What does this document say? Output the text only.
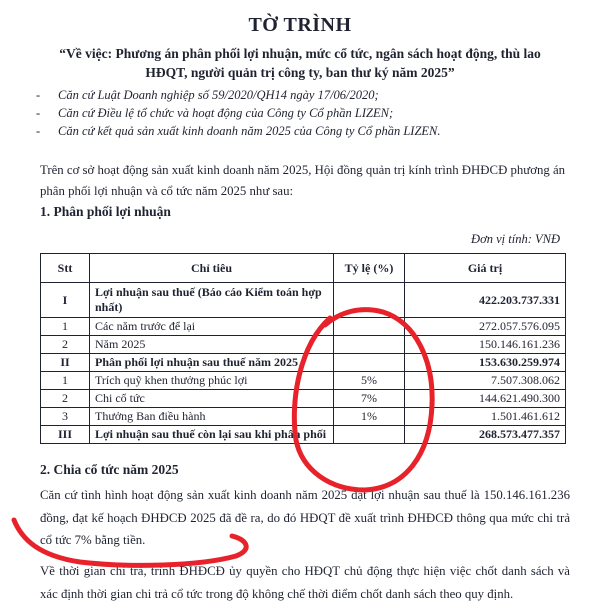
TỜ TRÌNH
“Về việc: Phương án phân phối lợi nhuận, mức cổ tức, ngân sách hoạt động, thù lao HĐQT, người quản trị công ty, ban thư ký năm 2025”
- Căn cứ Luật Doanh nghiệp số 59/2020/QH14 ngày 17/06/2020;
- Căn cứ Điều lệ tổ chức và hoạt động của Công ty Cổ phần LIZEN;
- Căn cứ kết quả sản xuất kinh doanh năm 2025 của Công ty Cổ phần LIZEN.
Trên cơ sở hoạt động sản xuất kinh doanh năm 2025, Hội đồng quản trị kính trình ĐHĐCĐ phương án phân phối lợi nhuận và cổ tức năm 2025 như sau:
1. Phân phối lợi nhuận
Đơn vị tính: VNĐ
Stt	Chỉ tiêu	Tỷ lệ (%)	Giá trị
I	Lợi nhuận sau thuế (Báo cáo Kiểm toán hợp nhất)		422.203.737.331
1	Các năm trước để lại		272.057.576.095
2	Năm 2025		150.146.161.236
II	Phân phối lợi nhuận sau thuế năm 2025		153.630.259.974
1	Trích quỹ khen thưởng phúc lợi	5%	7.507.308.062
2	Chi cổ tức	7%	144.621.490.300
3	Thưởng Ban điều hành	1%	1.501.461.612
III	Lợi nhuận sau thuế còn lại sau khi phân phối		268.573.477.357
2. Chia cổ tức năm 2025
Căn cứ tình hình hoạt động sản xuất kinh doanh năm 2025 đạt lợi nhuận sau thuế là 150.146.161.236 đồng, đạt kế hoạch ĐHĐCĐ 2025 đã đề ra, do đó HĐQT đề xuất trình ĐHĐCĐ thông qua mức chi trả cổ tức 7% bằng tiền.
Về thời gian chi trả, trình ĐHĐCĐ ủy quyền cho HĐQT chủ động thực hiện việc chốt danh sách và xác định thời gian chi trả cổ tức trong độ không chế thời điểm chốt danh sách theo quy định.
